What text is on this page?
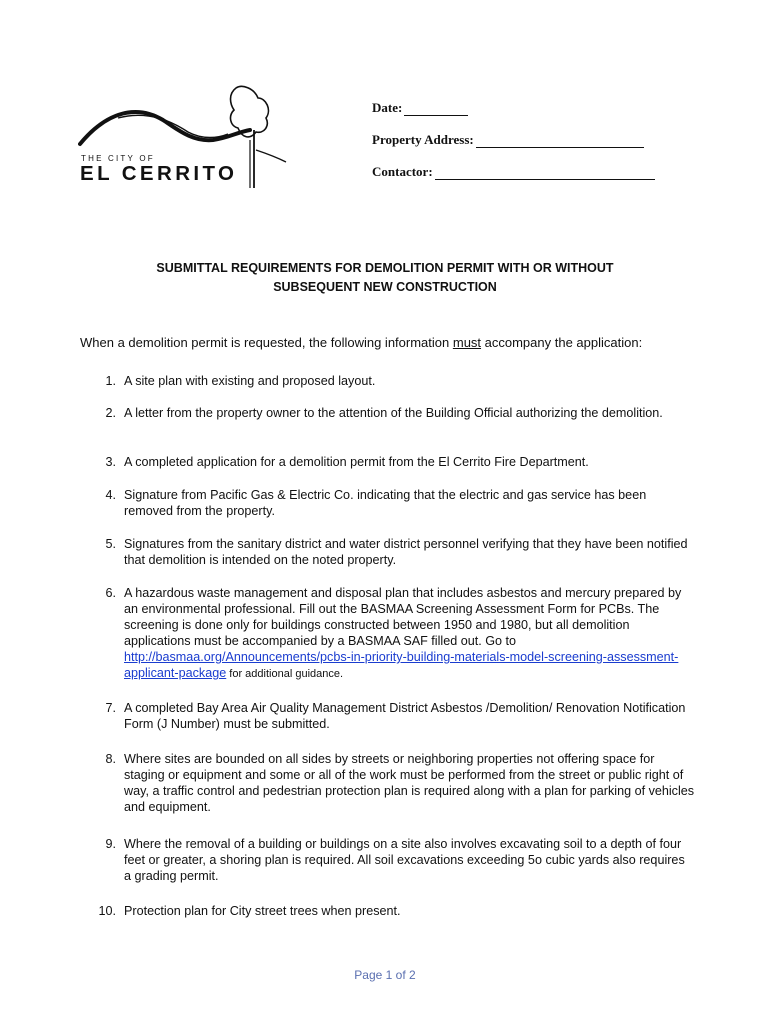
THE CITY OF
EL CERRITO
Date:
Property Address:
Contactor:
SUBMITTAL REQUIREMENTS FOR DEMOLITION PERMIT WITH OR WITHOUT
SUBSEQUENT NEW CONSTRUCTION
When a demolition permit is requested, the following information must accompany the application:
1. A site plan with existing and proposed layout.
2. A letter from the property owner to the attention of the Building Official authorizing the demolition.
3. A completed application for a demolition permit from the El Cerrito Fire Department.
4. Signature from Pacific Gas & Electric Co. indicating that the electric and gas service has been removed from the property.
5. Signatures from the sanitary district and water district personnel verifying that they have been notified that demolition is intended on the noted property.
6. A hazardous waste management and disposal plan that includes asbestos and mercury prepared by an environmental professional. Fill out the BASMAA Screening Assessment Form for PCBs. The screening is done only for buildings constructed between 1950 and 1980, but all demolition applications must be accompanied by a BASMAA SAF filled out. Go to http://basmaa.org/Announcements/pcbs-in-priority-building-materials-model-screening-assessment-applicant-package for additional guidance.
7. A completed Bay Area Air Quality Management District Asbestos /Demolition/ Renovation Notification Form (J Number) must be submitted.
8. Where sites are bounded on all sides by streets or neighboring properties not offering space for staging or equipment and some or all of the work must be performed from the street or public right of way, a traffic control and pedestrian protection plan is required along with a plan for parking of vehicles and equipment.
9. Where the removal of a building or buildings on a site also involves excavating soil to a depth of four feet or greater, a shoring plan is required. All soil excavations exceeding 5o cubic yards also requires a grading permit.
10. Protection plan for City street trees when present.
Page 1 of 2
